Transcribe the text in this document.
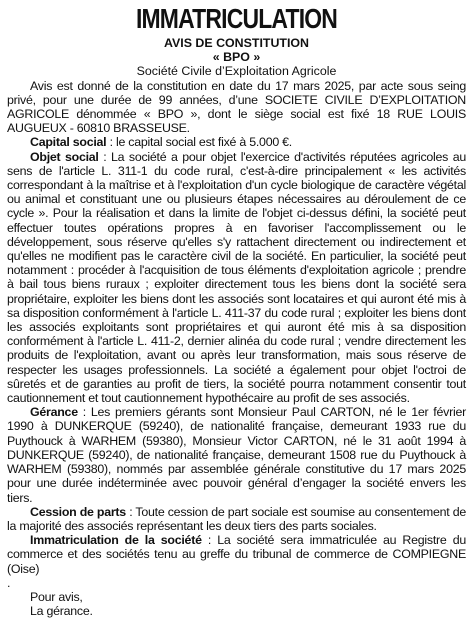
IMMATRICULATION
AVIS DE CONSTITUTION
« BPO »
Société Civile d’Exploitation Agricole

Avis est donné de la constitution en date du 17 mars 2025, par acte sous seing privé, pour une durée de 99 années, d’une SOCIETE CIVILE D’EXPLOITATION AGRICOLE dénommée « BPO », dont le siège social est fixé 18 RUE LOUIS AUGUEUX - 60810 BRASSEUSE.

Capital social : le capital social est fixé à 5.000 €.

Objet social : La société a pour objet l'exercice d'activités réputées agricoles au sens de l'article L. 311-1 du code rural, c'est-à-dire principalement « les activités correspondant à la maîtrise et à l'exploitation d'un cycle biologique de caractère végétal ou animal et constituant une ou plusieurs étapes nécessaires au déroulement de ce cycle ». Pour la réalisation et dans la limite de l'objet ci-dessus défini, la société peut effectuer toutes opérations propres à en favoriser l'accomplissement ou le développement, sous réserve qu'elles s'y rattachent directement ou indirectement et qu'elles ne modifient pas le caractère civil de la société. En particulier, la société peut notamment : procéder à l'acquisition de tous éléments d'exploitation agricole ; prendre à bail tous biens ruraux ; exploiter directement tous les biens dont la société sera propriétaire, exploiter les biens dont les associés sont locataires et qui auront été mis à sa disposition conformément à l'article L. 411-37 du code rural ; exploiter les biens dont les associés exploitants sont propriétaires et qui auront été mis à sa disposition conformément à l'article L. 411-2, dernier alinéa du code rural ; vendre directement les produits de l'exploitation, avant ou après leur transformation, mais sous réserve de respecter les usages professionnels. La société a également pour objet l'octroi de sûretés et de garanties au profit de tiers, la société pourra notamment consentir tout cautionnement et tout cautionnement hypothécaire au profit de ses associés.

Gérance : Les premiers gérants sont Monsieur Paul CARTON, né le 1er février 1990 à DUNKERQUE (59240), de nationalité française, demeurant 1933 rue du Puythouck à WARHEM (59380), Monsieur Victor CARTON, né le 31 août 1994 à DUNKERQUE (59240), de nationalité française, demeurant 1508 rue du Puythouck à WARHEM (59380), nommés par assemblée générale constitutive du 17 mars 2025 pour une durée indéterminée avec pouvoir général d’engager la société envers les tiers.

Cession de parts : Toute cession de part sociale est soumise au consentement de la majorité des associés représentant les deux tiers des parts sociales.

Immatriculation de la société : La société sera immatriculée au Registre du commerce et des sociétés tenu au greffe du tribunal de commerce de COMPIEGNE (Oise)

.

Pour avis,

La gérance.
